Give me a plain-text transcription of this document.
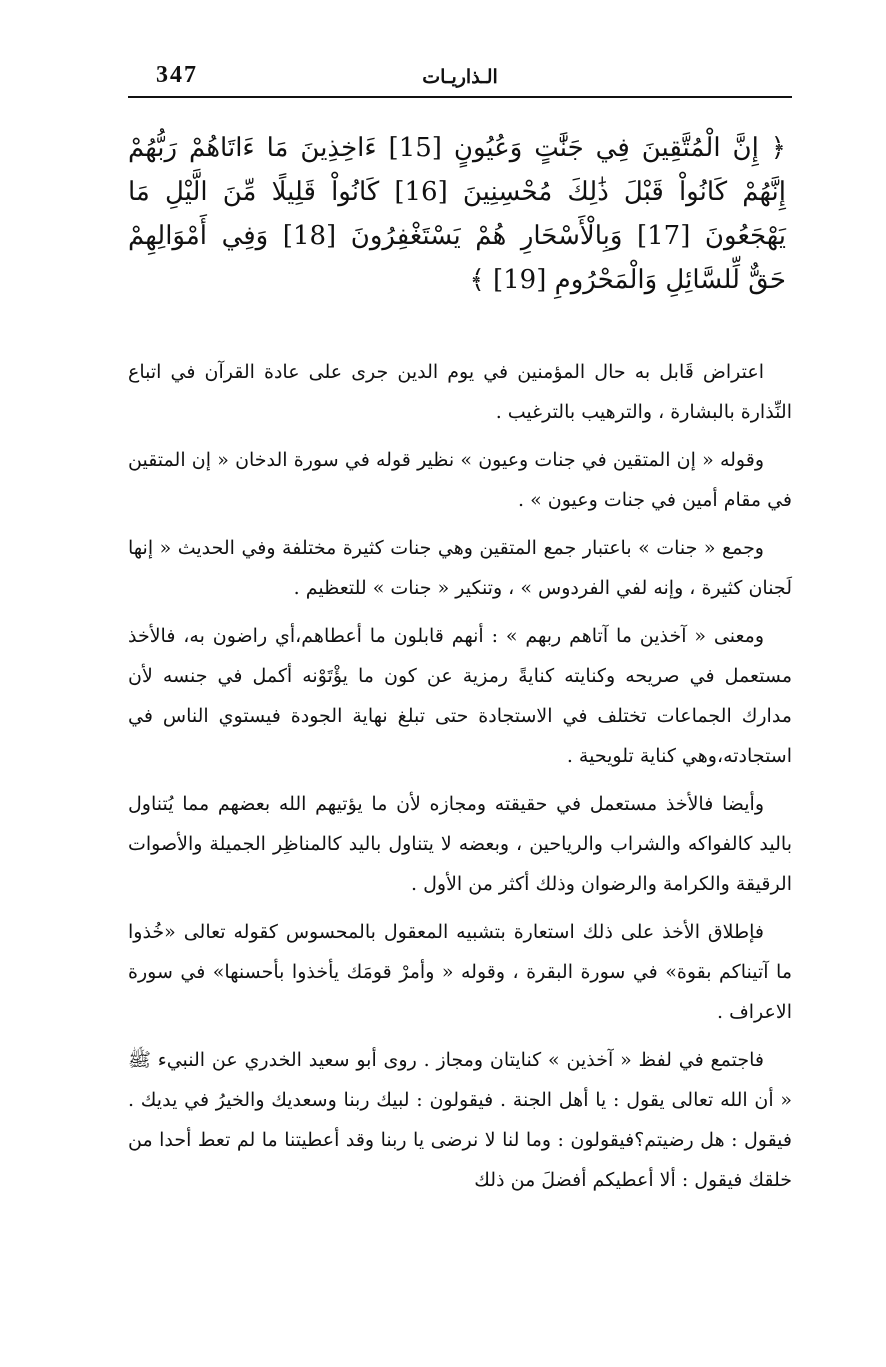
347	الـذاريـات

﴿ إِنَّ الْمُتَّقِينَ فِي جَنَّٰتٍ وَعُيُونٍ [15] ءَاخِذِينَ مَا ءَاتَاهُمْ رَبُّهُمْ إِنَّهُمْ كَانُواْ قَبْلَ ذَٰلِكَ مُحْسِنِينَ [16] كَانُواْ قَلِيلًا مِّنَ الَّيْلِ مَا يَهْجَعُونَ [17] وَبِالْأَسْحَارِ هُمْ يَسْتَغْفِرُونَ [18] وَفِي أَمْوَالِهِمْ حَقٌّ لِّلسَّائِلِ وَالْمَحْرُومِ [19] ﴾

اعتراض قَابل به حال المؤمنين في يوم الدين جرى على عادة القرآن في اتباع النِّذارة بالبشارة ، والترهيب بالترغيب .

وقوله « إن المتقين في جنات وعيون » نظير قوله في سورة الدخان « إن المتقين في مقام أمين في جنات وعيون » .

وجمع « جنات » باعتبار جمع المتقين وهي جنات كثيرة مختلفة وفي الحديث « إنها لَجنان كثيرة ، وإنه لفي الفردوس » ، وتنكير « جنات » للتعظيم .

ومعنى « آخذين ما آتاهم ربهم » : أنهم قابلون ما أعطاهم،أي راضون به، فالأخذ مستعمل في صريحه وكنايته كنايةً رمزية عن كون ما يؤْتَوْنه أكمل في جنسه لأن مدارك الجماعات تختلف في الاستجادة حتى تبلغ نهاية الجودة فيستوي الناس في استجادته،وهي كناية تلويحية .

وأيضا فالأخذ مستعمل في حقيقته ومجازه لأن ما يؤتيهم الله بعضهم مما يُتناول باليد كالفواكه والشراب والرياحين ، وبعضه لا يتناول باليد كالمناظِر الجميلة والأصوات الرقيقة والكرامة والرضوان وذلك أكثر من الأول .

فإطلاق الأخذ على ذلك استعارة بتشبيه المعقول بالمحسوس كقوله تعالى «خُذوا ما آتيناكم بقوة» في سورة البقرة ، وقوله « وأمرْ قومَك يأخذوا بأحسنها» في سورة الاعراف .

فاجتمع في لفظ « آخذين » كنايتان ومجاز . روى أبو سعيد الخدري عن النبيء ﷺ « أن الله تعالى يقول : يا أهل الجنة . فيقولون : لبيك ربنا وسعديك والخيرُ في يديك . فيقول : هل رضيتم؟فيقولون : وما لنا لا نرضى يا ربنا وقد أعطيتنا ما لم تعط أحدا من خلقك فيقول : ألا أعطيكم أفضلَ من ذلك
